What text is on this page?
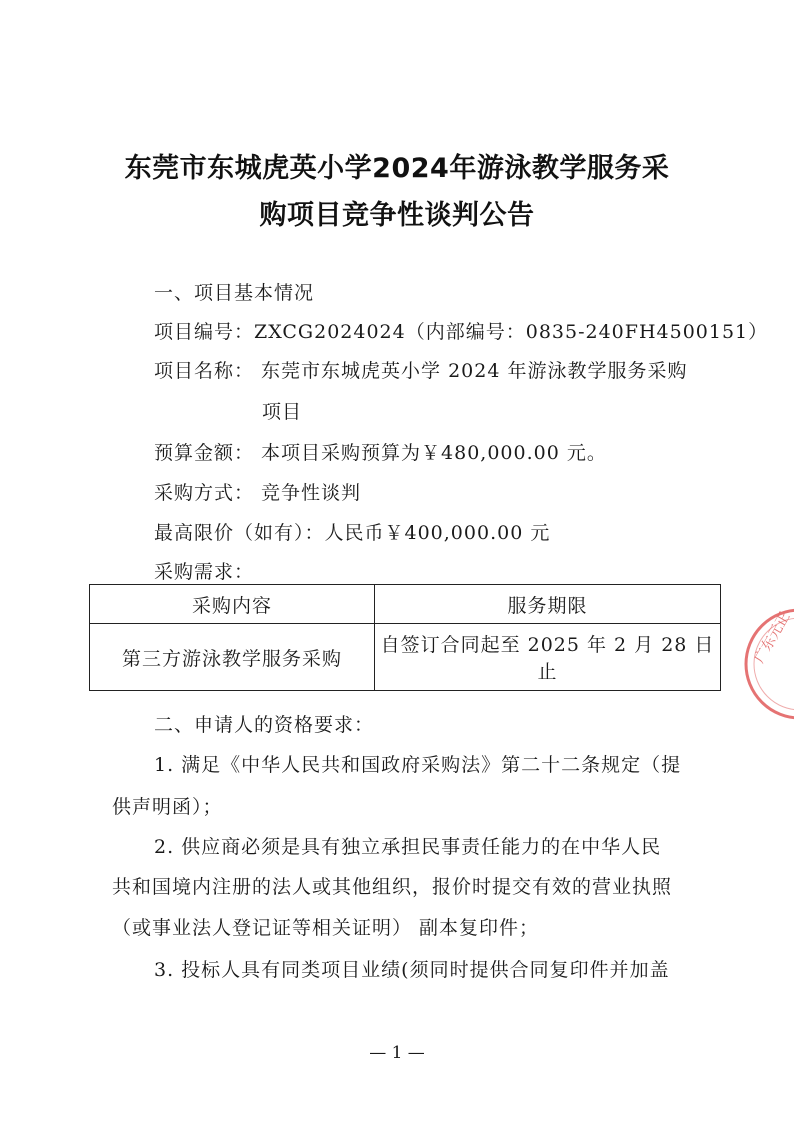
东莞市东城虎英小学2024年游泳教学服务采
购项目竞争性谈判公告
一、项目基本情况
项目编号：ZXCG2024024（内部编号：0835-240FH4500151）
项目名称： 东莞市东城虎英小学 2024 年游泳教学服务采购
项目
预算金额： 本项目采购预算为￥480,000.00 元。
采购方式： 竞争性谈判
最高限价（如有）：人民币￥400,000.00 元
采购需求：
采购内容	服务期限
第三方游泳教学服务采购	自签订合同起至 2025 年 2 月 28 日止
二、申请人的资格要求：
1. 满足《中华人民共和国政府采购法》第二十二条规定（提
供声明函）；
2. 供应商必须是具有独立承担民事责任能力的在中华人民
共和国境内注册的法人或其他组织，报价时提交有效的营业执照
（或事业法人登记证等相关证明） 副本复印件；
3. 投标人具有同类项目业绩(须同时提供合同复印件并加盖
— 1 —
广东元正
